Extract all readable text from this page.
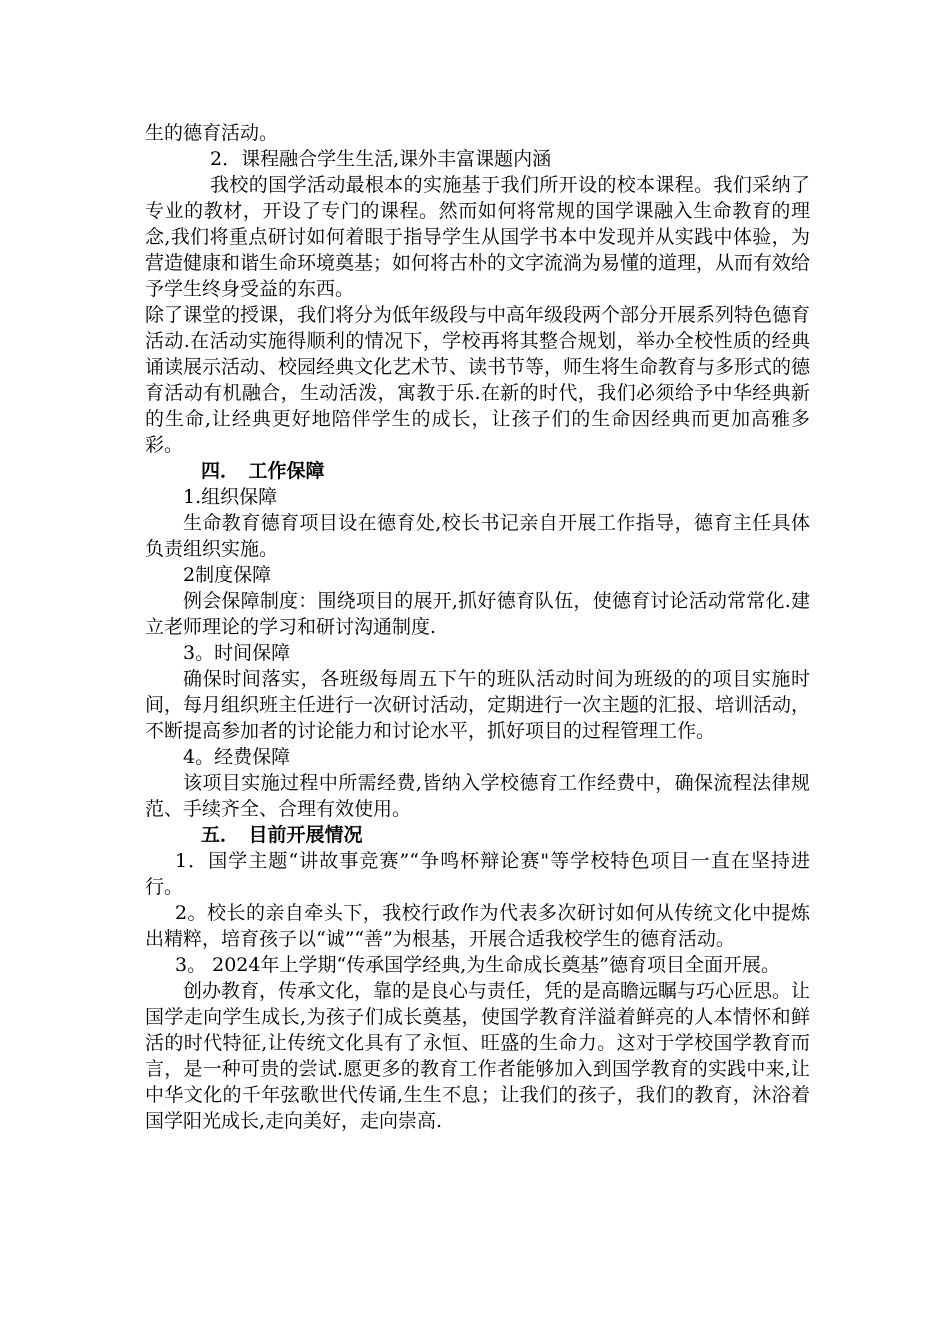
生的德育活动。

2．课程融合学生生活,课外丰富课题内涵

我校的国学活动最根本的实施基于我们所开设的校本课程。我们采纳了专业的教材，开设了专门的课程。然而如何将常规的国学课融入生命教育的理念,我们将重点研讨如何着眼于指导学生从国学书本中发现并从实践中体验，为营造健康和谐生命环境奠基；如何将古朴的文字流淌为易懂的道理，从而有效给予学生终身受益的东西。

除了课堂的授课，我们将分为低年级段与中高年级段两个部分开展系列特色德育活动.在活动实施得顺利的情况下，学校再将其整合规划，举办全校性质的经典诵读展示活动、校园经典文化艺术节、读书节等，师生将生命教育与多形式的德育活动有机融合，生动活泼，寓教于乐.在新的时代，我们必须给予中华经典新的生命,让经典更好地陪伴学生的成长，让孩子们的生命因经典而更加高雅多彩。

四．　工作保障

1.组织保障

生命教育德育项目设在德育处,校长书记亲自开展工作指导，德育主任具体负责组织实施。

2制度保障

例会保障制度：围绕项目的展开,抓好德育队伍，使德育讨论活动常常化.建立老师理论的学习和研讨沟通制度.

3。时间保障

确保时间落实，各班级每周五下午的班队活动时间为班级的的项目实施时间，每月组织班主任进行一次研讨活动，定期进行一次主题的汇报、培训活动，不断提高参加者的讨论能力和讨论水平，抓好项目的过程管理工作。

4。经费保障

该项目实施过程中所需经费,皆纳入学校德育工作经费中，确保流程法律规范、手续齐全、合理有效使用。

五．　目前开展情况

1．国学主题“讲故事竞赛”“争鸣杯辩论赛"等学校特色项目一直在坚持进行。

2。校长的亲自牵头下，我校行政作为代表多次研讨如何从传统文化中提炼出精粹，培育孩子以“诚”“善”为根基，开展合适我校学生的德育活动。

3。 2024年上学期“传承国学经典,为生命成长奠基”德育项目全面开展。

创办教育，传承文化，靠的是良心与责任，凭的是高瞻远瞩与巧心匠思。让国学走向学生成长,为孩子们成长奠基，使国学教育洋溢着鲜亮的人本情怀和鲜活的时代特征,让传统文化具有了永恒、旺盛的生命力。这对于学校国学教育而言，是一种可贵的尝试.愿更多的教育工作者能够加入到国学教育的实践中来,让中华文化的千年弦歌世代传诵,生生不息；让我们的孩子，我们的教育，沐浴着国学阳光成长,走向美好，走向崇高.
